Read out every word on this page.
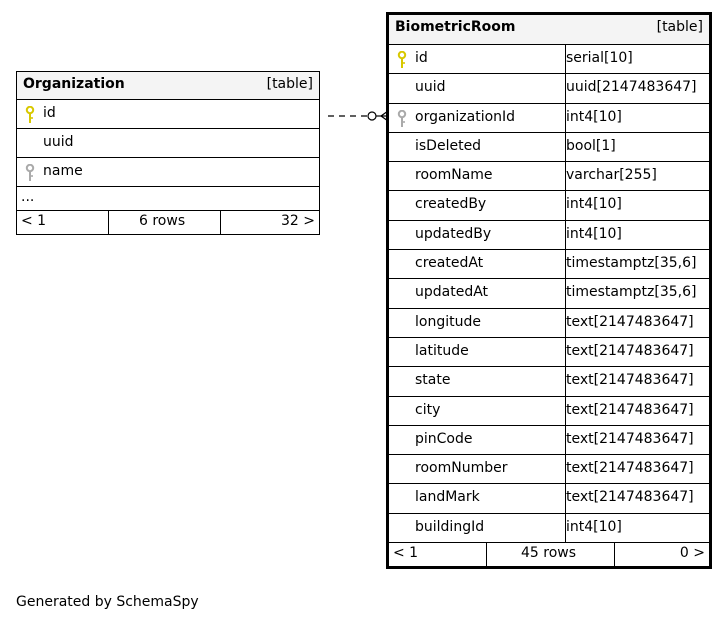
Organization	[table]
id
uuid
name
...
< 1	6 rows	32 >
BiometricRoom	[table]
id	serial[10]
uuid	uuid[2147483647]
organizationId	int4[10]
isDeleted	bool[1]
roomName	varchar[255]
createdBy	int4[10]
updatedBy	int4[10]
createdAt	timestamptz[35,6]
updatedAt	timestamptz[35,6]
longitude	text[2147483647]
latitude	text[2147483647]
state	text[2147483647]
city	text[2147483647]
pinCode	text[2147483647]
roomNumber	text[2147483647]
landMark	text[2147483647]
buildingId	int4[10]
< 1	45 rows	0 >
Generated by SchemaSpy
